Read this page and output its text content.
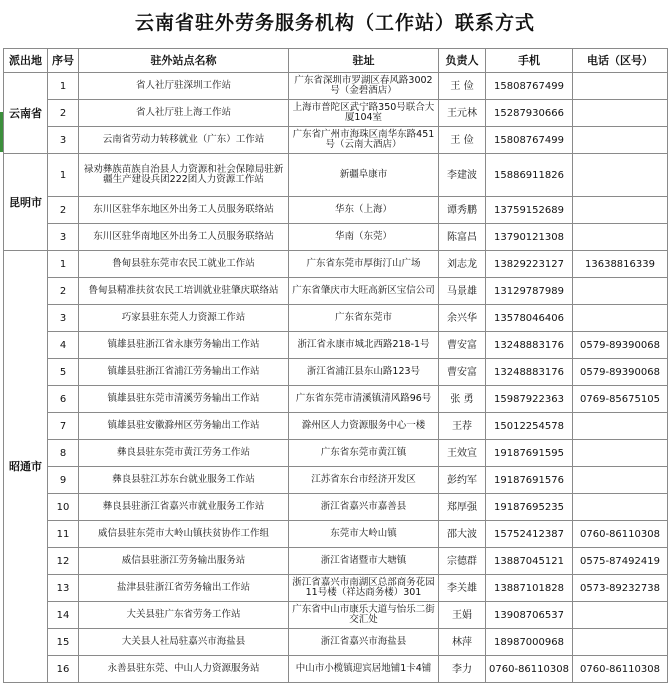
云南省驻外劳务服务机构（工作站）联系方式
派出地	序号	驻外站点名称	驻址	负责人	手机	电话（区号）
云南省	1	省人社厅驻深圳工作站	广东省深圳市罗湖区春风路3002号（金碧酒店）	王 俭	15808767499	
	2	省人社厅驻上海工作站	上海市普陀区武宁路350号联合大厦104室	王元林	15287930666	
	3	云南省劳动力转移就业（广东）工作站	广东省广州市海珠区南华东路451号（云南大酒店）	王 俭	15808767499	
昆明市	1	禄劝彝族苗族自治县人力资源和社会保障局驻新疆生产建设兵团222团人力资源工作站	新疆阜康市	李建波	15886911826	
	2	东川区驻华东地区外出务工人员服务联络站	华东（上海）	谭秀鹏	13759152689	
	3	东川区驻华南地区外出务工人员服务联络站	华南（东莞）	陈富昌	13790121308	
昭通市	1	鲁甸县驻东莞市农民工就业工作站	广东省东莞市厚街汀山广场	刘志龙	13829223127	13638816339
	2	鲁甸县精准扶贫农民工培训就业驻肇庆联络站	广东省肇庆市大旺高新区宝信公司	马景雄	13129787989	
	3	巧家县驻东莞人力资源工作站	广东省东莞市	余兴华	13578046406	
	4	镇雄县驻浙江省永康劳务输出工作站	浙江省永康市城北西路218-1号	曹安富	13248883176	0579-89390068
	5	镇雄县驻浙江省浦江劳务输出工作站	浙江省浦江县东山路123号	曹安富	13248883176	0579-89390068
	6	镇雄县驻东莞市清溪劳务输出工作站	广东省东莞市清溪镇清风路96号	张 勇	15987922363	0769-85675105
	7	镇雄县驻安徽滁州区劳务输出工作站	滁州区人力资源服务中心一楼	王荐	15012254578	
	8	彝良县驻东莞市黄江劳务工作站	广东省东莞市黄江镇	王效宣	19187691595	
	9	彝良县驻江苏东台就业服务工作站	江苏省东台市经济开发区	彭约军	19187691576	
	10	彝良县驻浙江省嘉兴市就业服务工作站	浙江省嘉兴市嘉善县	郑厚强	19187695235	
	11	威信县驻东莞市大岭山镇扶贫协作工作组	东莞市大岭山镇	邵大波	15752412387	0760-86110308
	12	威信县驻浙江劳务输出服务站	浙江省诸暨市大塘镇	宗德群	13887045121	0575-87492419
	13	盐津县驻浙江省劳务输出工作站	浙江省嘉兴市南湖区总部商务花园11号楼（祥达商务楼）301	李关雄	13887101828	0573-89232738
	14	大关县驻广东省劳务工作站	广东省中山市康乐大道与怡乐二街交汇处	王娟	13908706537	
	15	大关县人社局驻嘉兴市海盐县	浙江省嘉兴市海盐县	林萍	18987000968	
	16	永善县驻东莞、中山人力资源服务站	中山市小榄镇迎宾居地铺1卡4铺	李力	0760-86110308	0760-86110308
